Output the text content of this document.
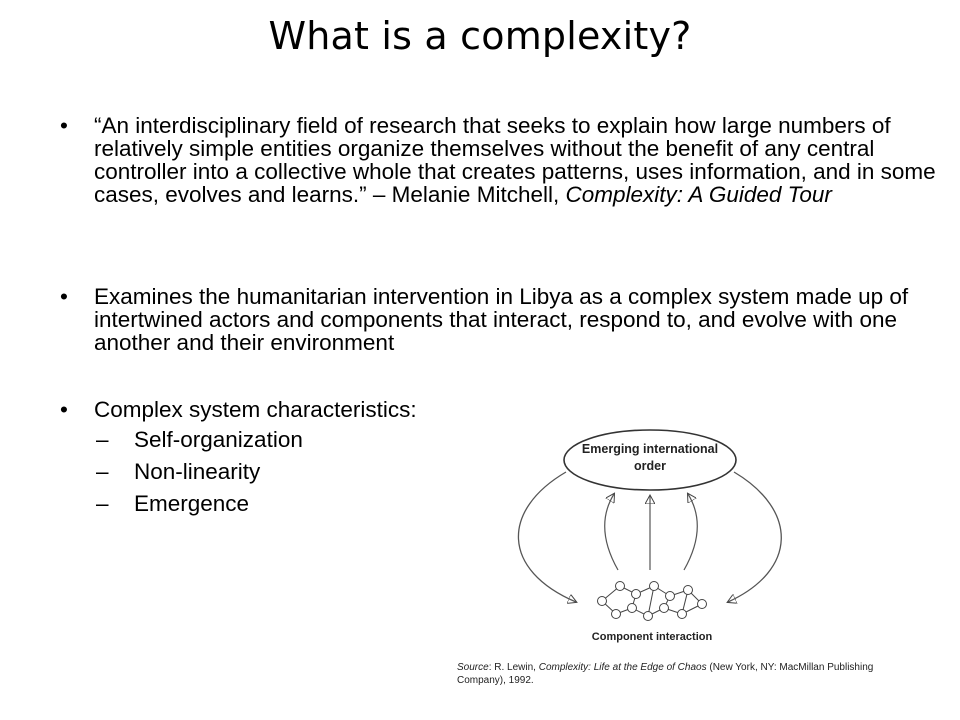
What is a complexity?
• “An interdisciplinary field of research that seeks to explain how large numbers of relatively simple entities organize themselves without the benefit of any central controller into a collective whole that creates patterns, uses information, and in some cases, evolves and learns.” – Melanie Mitchell, Complexity: A Guided Tour
• Examines the humanitarian intervention in Libya as a complex system made up of intertwined actors and components that interact, respond to, and evolve with one another and their environment
• Complex system characteristics:
– Self-organization
– Non-linearity
– Emergence
Emerging international
order
Component interaction
Source: R. Lewin, Complexity: Life at the Edge of Chaos (New York, NY: MacMillan Publishing Company), 1992.
